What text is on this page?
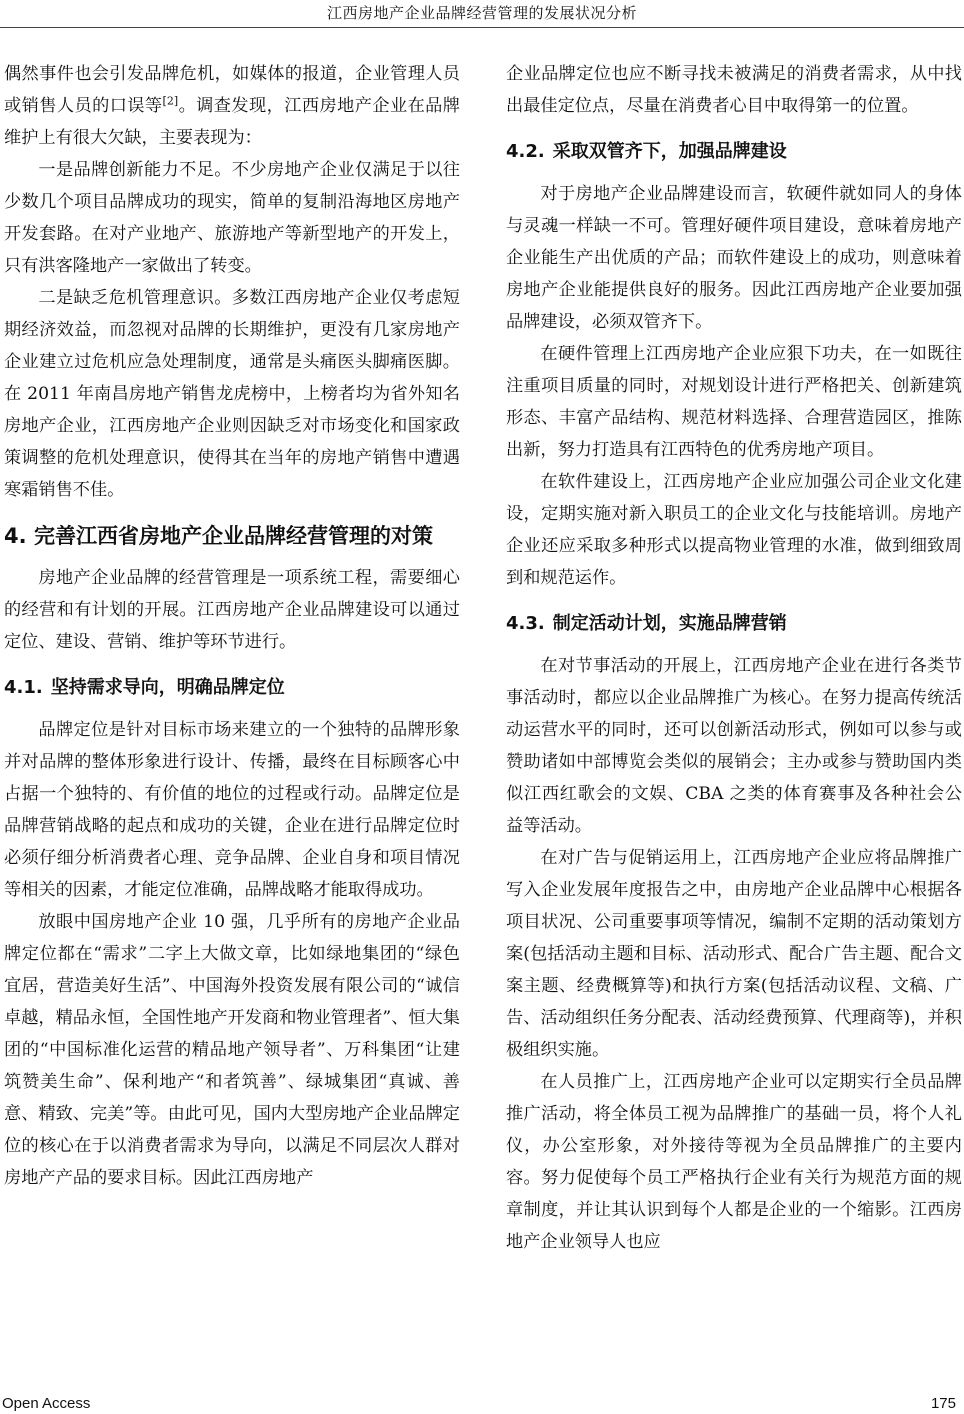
江西房地产企业品牌经营管理的发展状况分析

偶然事件也会引发品牌危机，如媒体的报道，企业管理人员或销售人员的口误等[2]。调查发现，江西房地产企业在品牌维护上有很大欠缺，主要表现为：

一是品牌创新能力不足。不少房地产企业仅满足于以往少数几个项目品牌成功的现实，简单的复制沿海地区房地产开发套路。在对产业地产、旅游地产等新型地产的开发上，只有洪客隆地产一家做出了转变。

二是缺乏危机管理意识。多数江西房地产企业仅考虑短期经济效益，而忽视对品牌的长期维护，更没有几家房地产企业建立过危机应急处理制度，通常是头痛医头脚痛医脚。在 2011 年南昌房地产销售龙虎榜中，上榜者均为省外知名房地产企业，江西房地产企业则因缺乏对市场变化和国家政策调整的危机处理意识，使得其在当年的房地产销售中遭遇寒霜销售不佳。

4. 完善江西省房地产企业品牌经营管理的对策

房地产企业品牌的经营管理是一项系统工程，需要细心的经营和有计划的开展。江西房地产企业品牌建设可以通过定位、建设、营销、维护等环节进行。

4.1. 坚持需求导向，明确品牌定位

品牌定位是针对目标市场来建立的一个独特的品牌形象并对品牌的整体形象进行设计、传播，最终在目标顾客心中占据一个独特的、有价值的地位的过程或行动。品牌定位是品牌营销战略的起点和成功的关键，企业在进行品牌定位时必须仔细分析消费者心理、竞争品牌、企业自身和项目情况等相关的因素，才能定位准确，品牌战略才能取得成功。

放眼中国房地产企业 10 强，几乎所有的房地产企业品牌定位都在“需求”二字上大做文章，比如绿地集团的“绿色宜居，营造美好生活”、中国海外投资发展有限公司的“诚信卓越，精品永恒，全国性地产开发商和物业管理者”、恒大集团的“中国标准化运营的精品地产领导者”、万科集团“让建筑赞美生命”、保利地产“和者筑善”、绿城集团“真诚、善意、精致、完美”等。由此可见，国内大型房地产企业品牌定位的核心在于以消费者需求为导向，以满足不同层次人群对房地产产品的要求目标。因此江西房地产

企业品牌定位也应不断寻找未被满足的消费者需求，从中找出最佳定位点，尽量在消费者心目中取得第一的位置。

4.2. 采取双管齐下，加强品牌建设

对于房地产企业品牌建设而言，软硬件就如同人的身体与灵魂一样缺一不可。管理好硬件项目建设，意味着房地产企业能生产出优质的产品；而软件建设上的成功，则意味着房地产企业能提供良好的服务。因此江西房地产企业要加强品牌建设，必须双管齐下。

在硬件管理上江西房地产企业应狠下功夫，在一如既往注重项目质量的同时，对规划设计进行严格把关、创新建筑形态、丰富产品结构、规范材料选择、合理营造园区，推陈出新，努力打造具有江西特色的优秀房地产项目。

在软件建设上，江西房地产企业应加强公司企业文化建设，定期实施对新入职员工的企业文化与技能培训。房地产企业还应采取多种形式以提高物业管理的水准，做到细致周到和规范运作。

4.3. 制定活动计划，实施品牌营销

在对节事活动的开展上，江西房地产企业在进行各类节事活动时，都应以企业品牌推广为核心。在努力提高传统活动运营水平的同时，还可以创新活动形式，例如可以参与或赞助诸如中部博览会类似的展销会；主办或参与赞助国内类似江西红歌会的文娱、CBA 之类的体育赛事及各种社会公益等活动。

在对广告与促销运用上，江西房地产企业应将品牌推广写入企业发展年度报告之中，由房地产企业品牌中心根据各项目状况、公司重要事项等情况，编制不定期的活动策划方案(包括活动主题和目标、活动形式、配合广告主题、配合文案主题、经费概算等)和执行方案(包括活动议程、文稿、广告、活动组织任务分配表、活动经费预算、代理商等)，并积极组织实施。

在人员推广上，江西房地产企业可以定期实行全员品牌推广活动，将全体员工视为品牌推广的基础一员，将个人礼仪，办公室形象，对外接待等视为全员品牌推广的主要内容。努力促使每个员工严格执行企业有关行为规范方面的规章制度，并让其认识到每个人都是企业的一个缩影。江西房地产企业领导人也应

Open Access	175
